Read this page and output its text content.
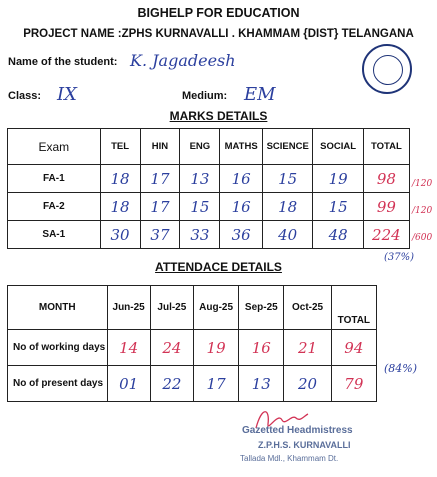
BIGHELP FOR EDUCATION
PROJECT NAME :ZPHS KURNAVALLI . KHAMMAM {DIST} TELANGANA
Name of the student: K. Jagadeesh
Class: IX	Medium: EM
MARKS DETAILS
Exam	TEL	HIN	ENG	MATHS	SCIENCE	SOCIAL	TOTAL
FA-1	18	17	13	16	15	19	98
FA-2	18	17	15	16	18	15	99
SA-1	30	37	33	36	40	48	224
/120
/120
/600
(37%)
ATTENDACE DETAILS
MONTH	Jun-25	Jul-25	Aug-25	Sep-25	Oct-25	TOTAL
No of working days	14	24	19	16	21	94
No of present days	01	22	17	13	20	79
(84%)
Gazetted Headmistress
Z.P.H.S. KURNAVALLI
Tallada Mdl., Khammam Dt.
